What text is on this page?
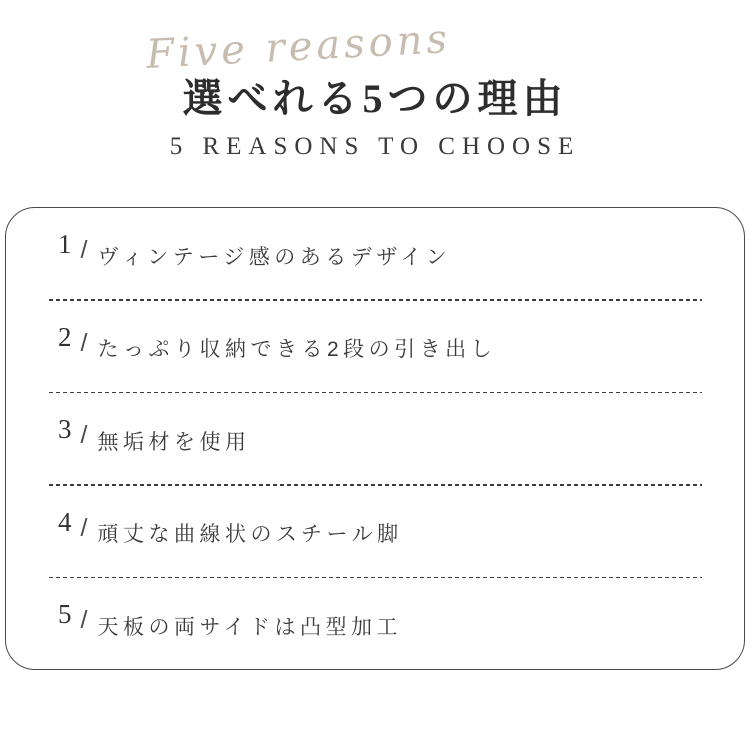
Five reasons
選べれる5つの理由
5 REASONS TO CHOOSE
1 / ヴィンテージ感のあるデザイン
2 / たっぷり収納できる2段の引き出し
3 / 無垢材を使用
4 / 頑丈な曲線状のスチール脚
5 / 天板の両サイドは凸型加工
